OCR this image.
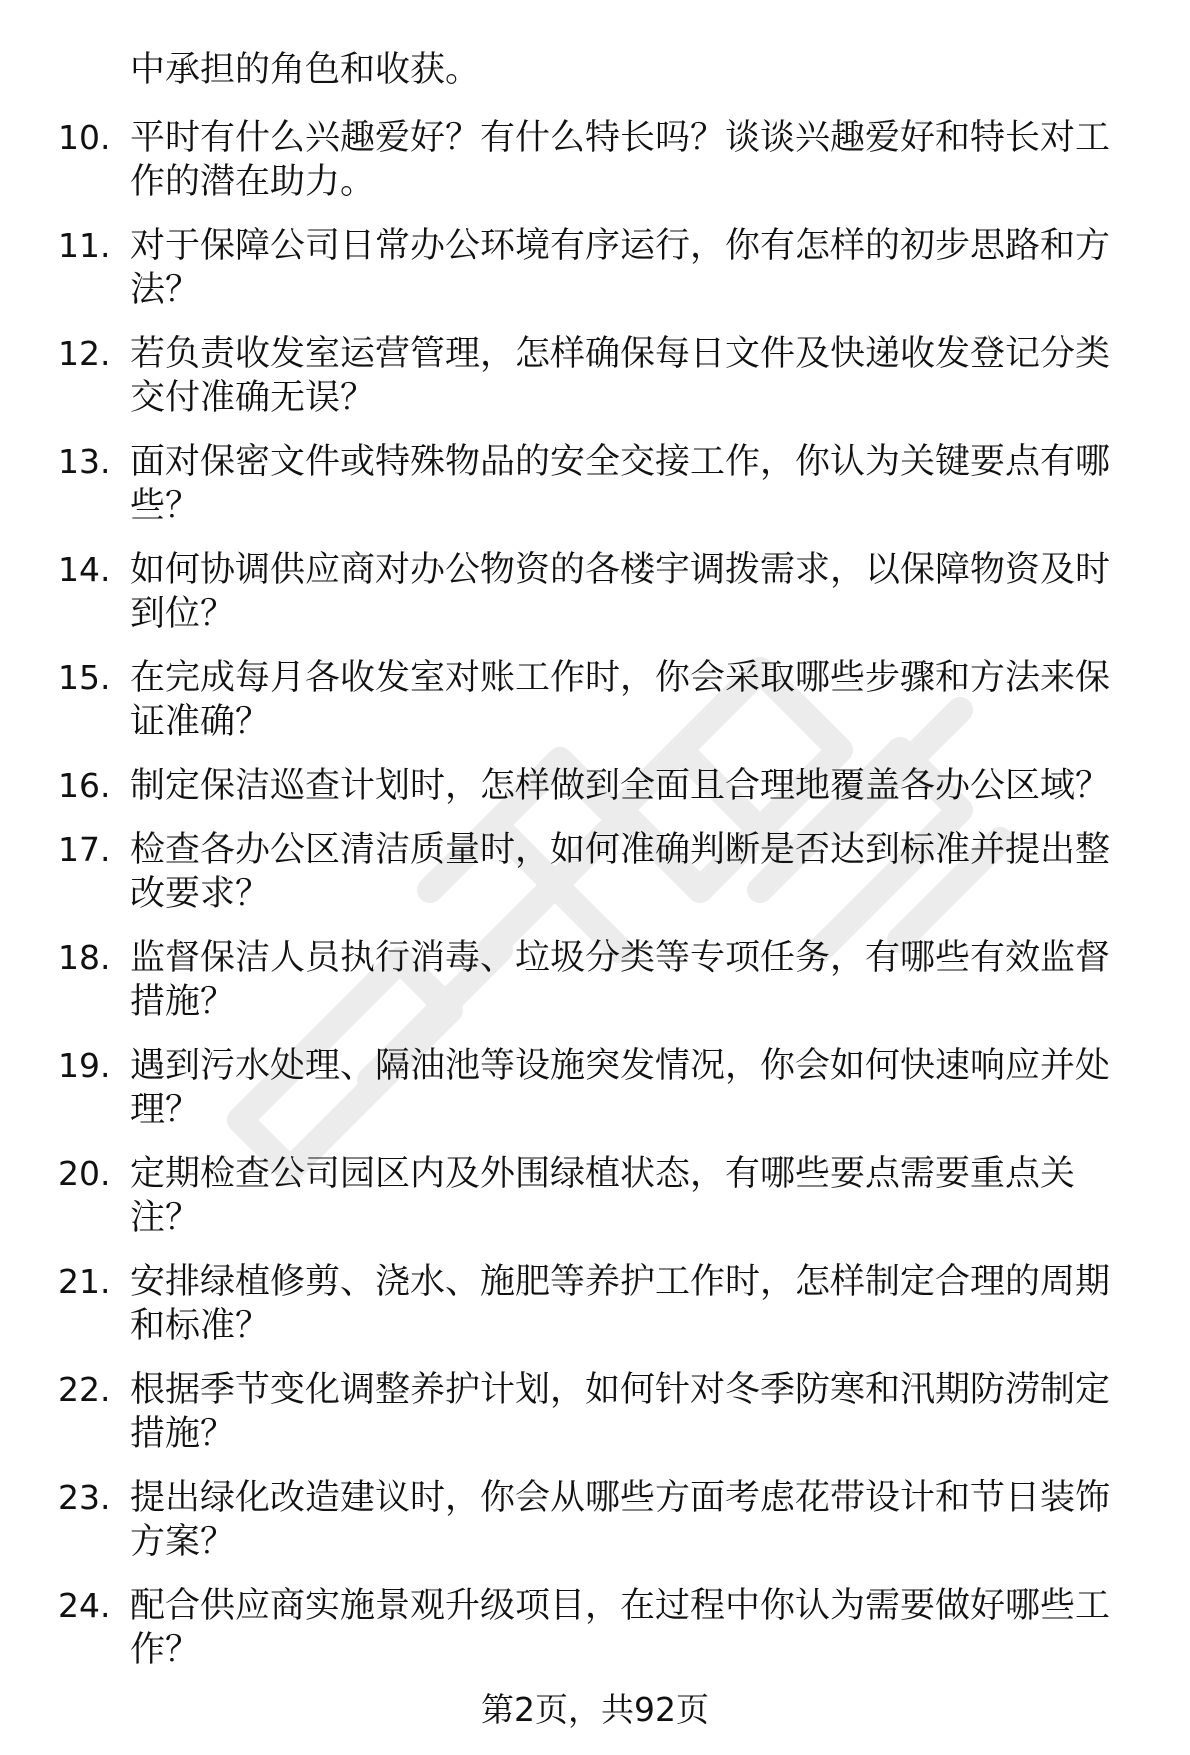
中承担的角色和收获。
10. 平时有什么兴趣爱好？有什么特长吗？谈谈兴趣爱好和特长对工
作的潜在助力。
11. 对于保障公司日常办公环境有序运行，你有怎样的初步思路和方
法？
12. 若负责收发室运营管理，怎样确保每日文件及快递收发登记分类
交付准确无误？
13. 面对保密文件或特殊物品的安全交接工作，你认为关键要点有哪
些？
14. 如何协调供应商对办公物资的各楼宇调拨需求，以保障物资及时
到位？
15. 在完成每月各收发室对账工作时，你会采取哪些步骤和方法来保
证准确？
16. 制定保洁巡查计划时，怎样做到全面且合理地覆盖各办公区域？
17. 检查各办公区清洁质量时，如何准确判断是否达到标准并提出整
改要求？
18. 监督保洁人员执行消毒、垃圾分类等专项任务，有哪些有效监督
措施？
19. 遇到污水处理、隔油池等设施突发情况，你会如何快速响应并处
理？
20. 定期检查公司园区内及外围绿植状态，有哪些要点需要重点关
注？
21. 安排绿植修剪、浇水、施肥等养护工作时，怎样制定合理的周期
和标准？
22. 根据季节变化调整养护计划，如何针对冬季防寒和汛期防涝制定
措施？
23. 提出绿化改造建议时，你会从哪些方面考虑花带设计和节日装饰
方案？
24. 配合供应商实施景观升级项目，在过程中你认为需要做好哪些工
作？
第2页，共92页
